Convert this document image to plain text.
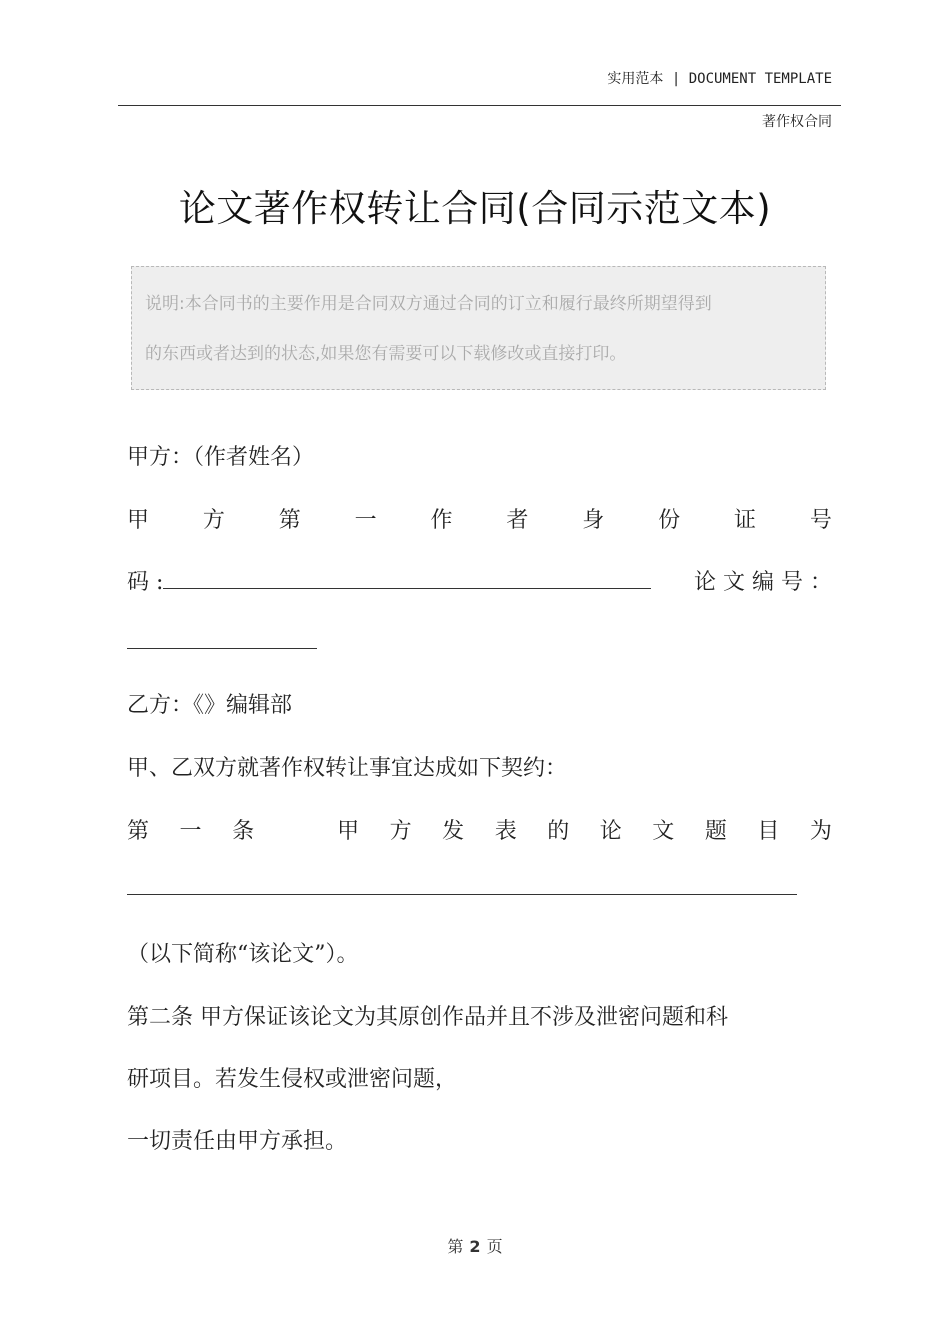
实用范本 | DOCUMENT TEMPLATE
著作权合同
论文著作权转让合同(合同示范文本)
说明:本合同书的主要作用是合同双方通过合同的订立和履行最终所期望得到
的东西或者达到的状态,如果您有需要可以下载修改或直接打印。
甲方：（作者姓名）
甲 方 第 一 作 者 身 份 证 号
码 :	论 文 编 号 ：
乙方：《》编辑部
甲、乙双方就著作权转让事宜达成如下契约：
第 一 条	甲 方 发 表 的 论 文 题 目 为
（以下简称“该论文”）。
第二条 甲方保证该论文为其原创作品并且不涉及泄密问题和科
研项目。若发生侵权或泄密问题，
一切责任由甲方承担。
第 2 页
